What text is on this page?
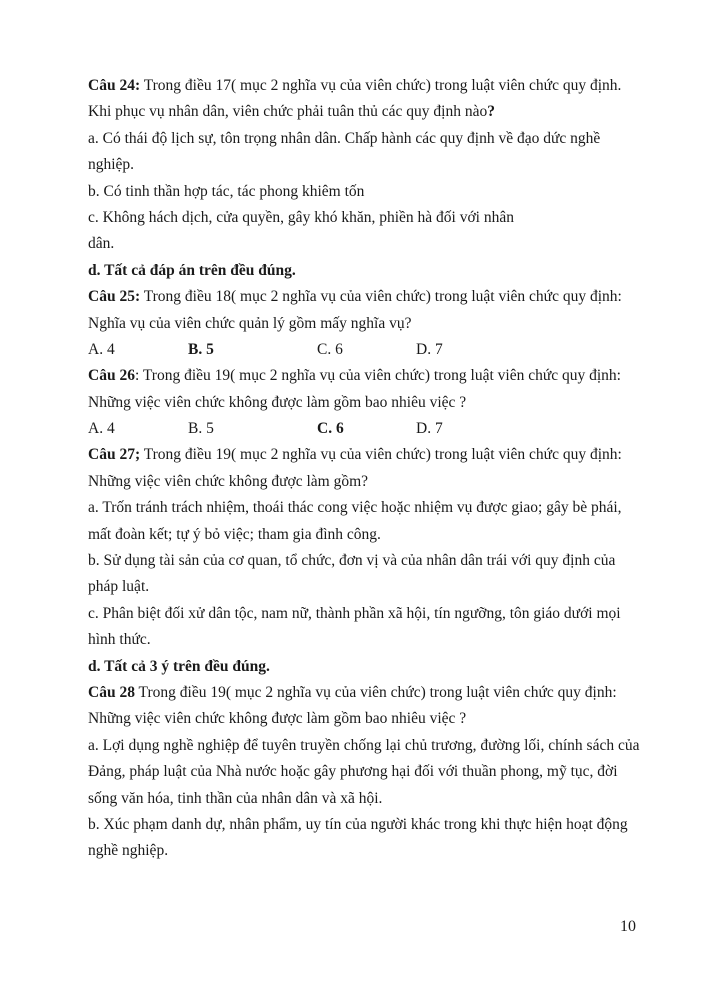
Câu 24: Trong điều 17( mục 2 nghĩa vụ của viên chức) trong luật viên chức quy định.
Khi phục vụ nhân dân, viên chức phải tuân thủ các quy định nào?
a. Có thái độ lịch sự, tôn trọng nhân dân. Chấp hành các quy định về đạo dức nghề
nghiệp.
b. Có tinh thần hợp tác, tác phong khiêm tốn
c. Không hách dịch, cửa quyền, gây khó khăn, phiền hà đối với nhân
dân.
d. Tất cả đáp án trên đều đúng.
Câu 25: Trong điều 18( mục 2 nghĩa vụ của viên chức) trong luật viên chức quy định:
Nghĩa vụ của viên chức quản lý gồm mấy nghĩa vụ?
A. 4	B. 5	C. 6	D. 7
Câu 26: Trong điều 19( mục 2 nghĩa vụ của viên chức) trong luật viên chức quy định:
Những việc viên chức không được làm gồm bao nhiêu việc ?
A. 4	B. 5	C. 6	D. 7
Câu 27; Trong điều 19( mục 2 nghĩa vụ của viên chức) trong luật viên chức quy định:
Những việc viên chức không được làm gồm?
a. Trốn tránh trách nhiệm, thoái thác cong việc hoặc nhiệm vụ được giao; gây bè phái,
mất đoàn kết; tự ý bỏ việc; tham gia đình công.
b. Sử dụng tài sản của cơ quan, tổ chức, đơn vị và của nhân dân trái với quy định của
pháp luật.
c. Phân biệt đối xử dân tộc, nam nữ, thành phần xã hội, tín ngưỡng, tôn giáo dưới mọi
hình thức.
d. Tất cả 3 ý trên đều đúng.
Câu 28 Trong điều 19( mục 2 nghĩa vụ của viên chức) trong luật viên chức quy định:
Những việc viên chức không được làm gồm bao nhiêu việc ?
a. Lợi dụng nghề nghiệp để tuyên truyền chống lại chủ trương, đường lối, chính sách của
Đảng, pháp luật của Nhà nước hoặc gây phương hại đối với thuần phong, mỹ tục, đời
sống văn hóa, tinh thần của nhân dân và xã hội.
b. Xúc phạm danh dự, nhân phẩm, uy tín của người khác trong khi thực hiện hoạt động
nghề nghiệp.
10
